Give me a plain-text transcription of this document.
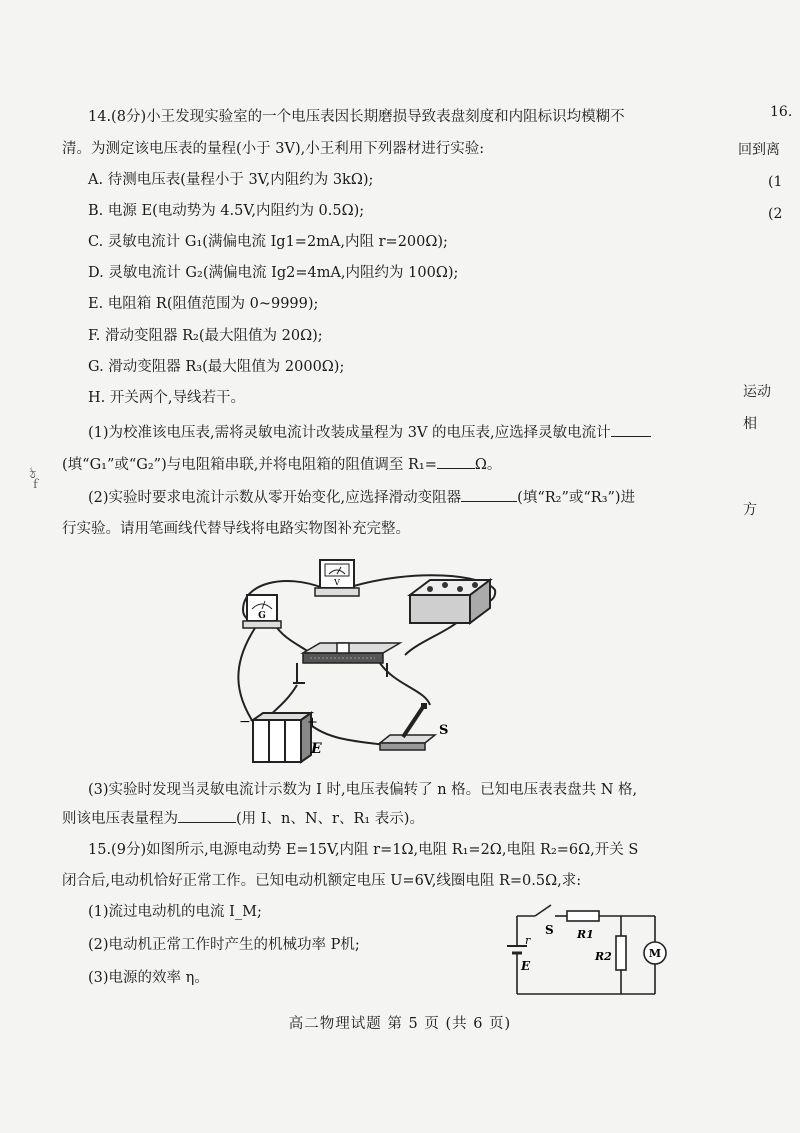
14.(8分)小王发现实验室的一个电压表因长期磨损导致表盘刻度和内阻标识均模糊不
清。为测定该电压表的量程(小于 3V),小王利用下列器材进行实验:
A. 待测电压表(量程小于 3V,内阻约为 3kΩ);
B. 电源 E(电动势为 4.5V,内阻约为 0.5Ω);
C. 灵敏电流计 G₁(满偏电流 Ig1=2mA,内阻 r=200Ω);
D. 灵敏电流计 G₂(满偏电流 Ig2=4mA,内阻约为 100Ω);
E. 电阻箱 R(阻值范围为 0~9999);
F. 滑动变阻器 R₂(最大阻值为 20Ω);
G. 滑动变阻器 R₃(最大阻值为 2000Ω);
H. 开关两个,导线若干。
(1)为校准该电压表,需将灵敏电流计改装成量程为 3V 的电压表,应选择灵敏电流计
(填“G₁”或“G₂”)与电阻箱串联,并将电阻箱的阻值调至 R₁=	Ω。
(2)实验时要求电流计示数从零开始变化,应选择滑动变阻器	(填“R₂”或“R₃”)进
行实验。请用笔画线代替导线将电路实物图补充完整。
V
G
−	+
E
S
(3)实验时发现当灵敏电流计示数为 I 时,电压表偏转了 n 格。已知电压表表盘共 N 格,
则该电压表量程为	(用 I、n、N、r、R₁ 表示)。
15.(9分)如图所示,电源电动势 E=15V,内阻 r=1Ω,电阻 R₁=2Ω,电阻 R₂=6Ω,开关 S
闭合后,电动机恰好正常工作。已知电动机额定电压 U=6V,线圈电阻 R=0.5Ω,求:
(1)流过电动机的电流 I_M;
(2)电动机正常工作时产生的机械功率 P机;
(3)电源的效率 η。
S R1
R2	M
r
E
高二物理试题 第 5 页 (共 6 页)
ঠ
ｆ
16.
回到离
(1
(2
运动
相
方
